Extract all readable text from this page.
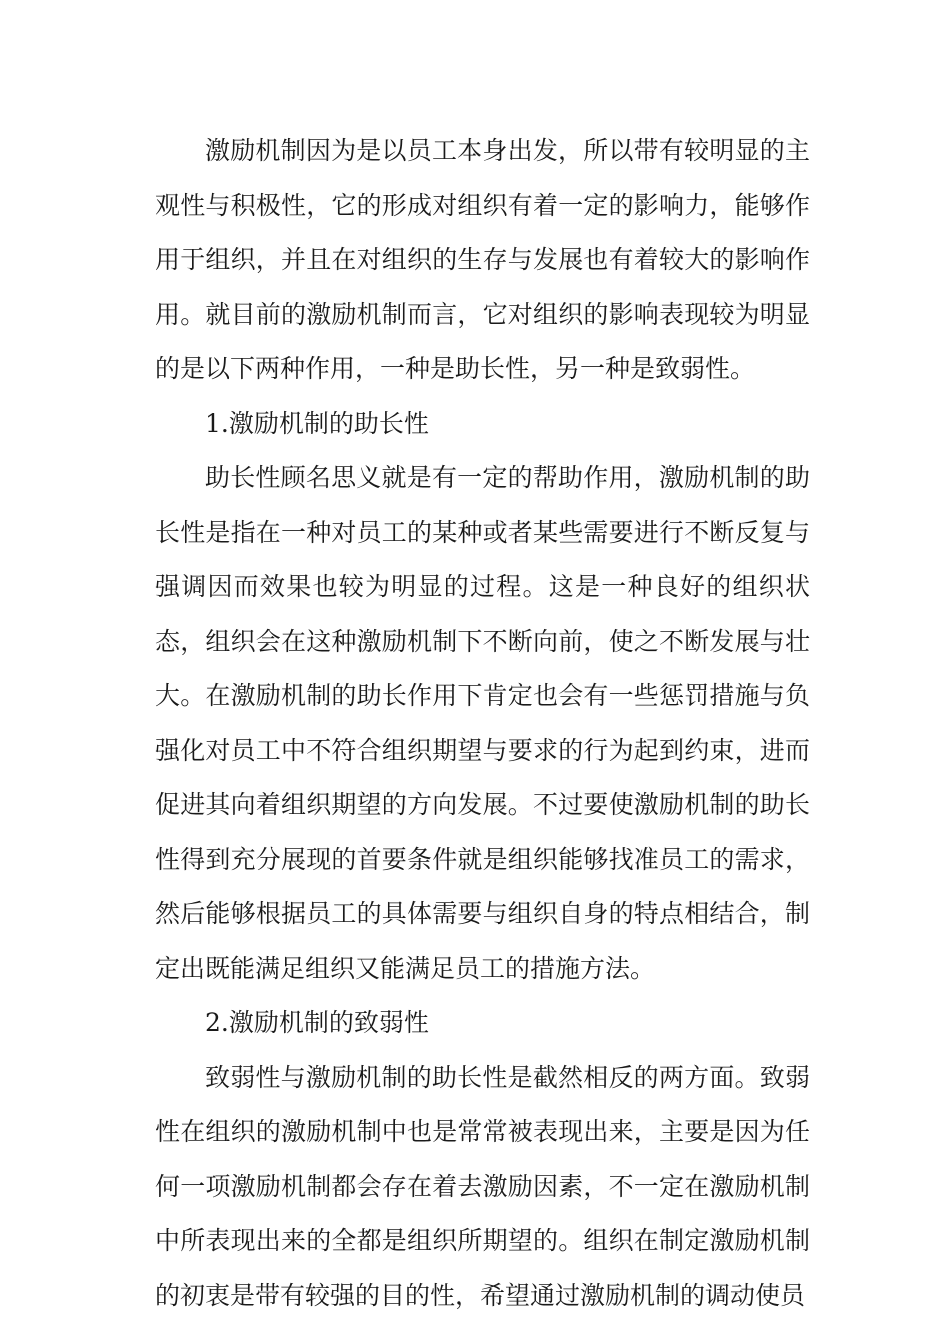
激励机制因为是以员工本身出发，所以带有较明显的主观性与积极性，它的形成对组织有着一定的影响力，能够作用于组织，并且在对组织的生存与发展也有着较大的影响作用。就目前的激励机制而言，它对组织的影响表现较为明显的是以下两种作用，一种是助长性，另一种是致弱性。

1.激励机制的助长性

助长性顾名思义就是有一定的帮助作用，激励机制的助长性是指在一种对员工的某种或者某些需要进行不断反复与强调因而效果也较为明显的过程。这是一种良好的组织状态，组织会在这种激励机制下不断向前，使之不断发展与壮大。在激励机制的助长作用下肯定也会有一些惩罚措施与负强化对员工中不符合组织期望与要求的行为起到约束，进而促进其向着组织期望的方向发展。不过要使激励机制的助长性得到充分展现的首要条件就是组织能够找准员工的需求，然后能够根据员工的具体需要与组织自身的特点相结合，制定出既能满足组织又能满足员工的措施方法。

2.激励机制的致弱性

致弱性与激励机制的助长性是截然相反的两方面。致弱性在组织的激励机制中也是常常被表现出来，主要是因为任何一项激励机制都会存在着去激励因素，不一定在激励机制中所表现出来的全都是组织所期望的。组织在制定激励机制的初衷是带有较强的目的性，希望通过激励机制的调动使员
